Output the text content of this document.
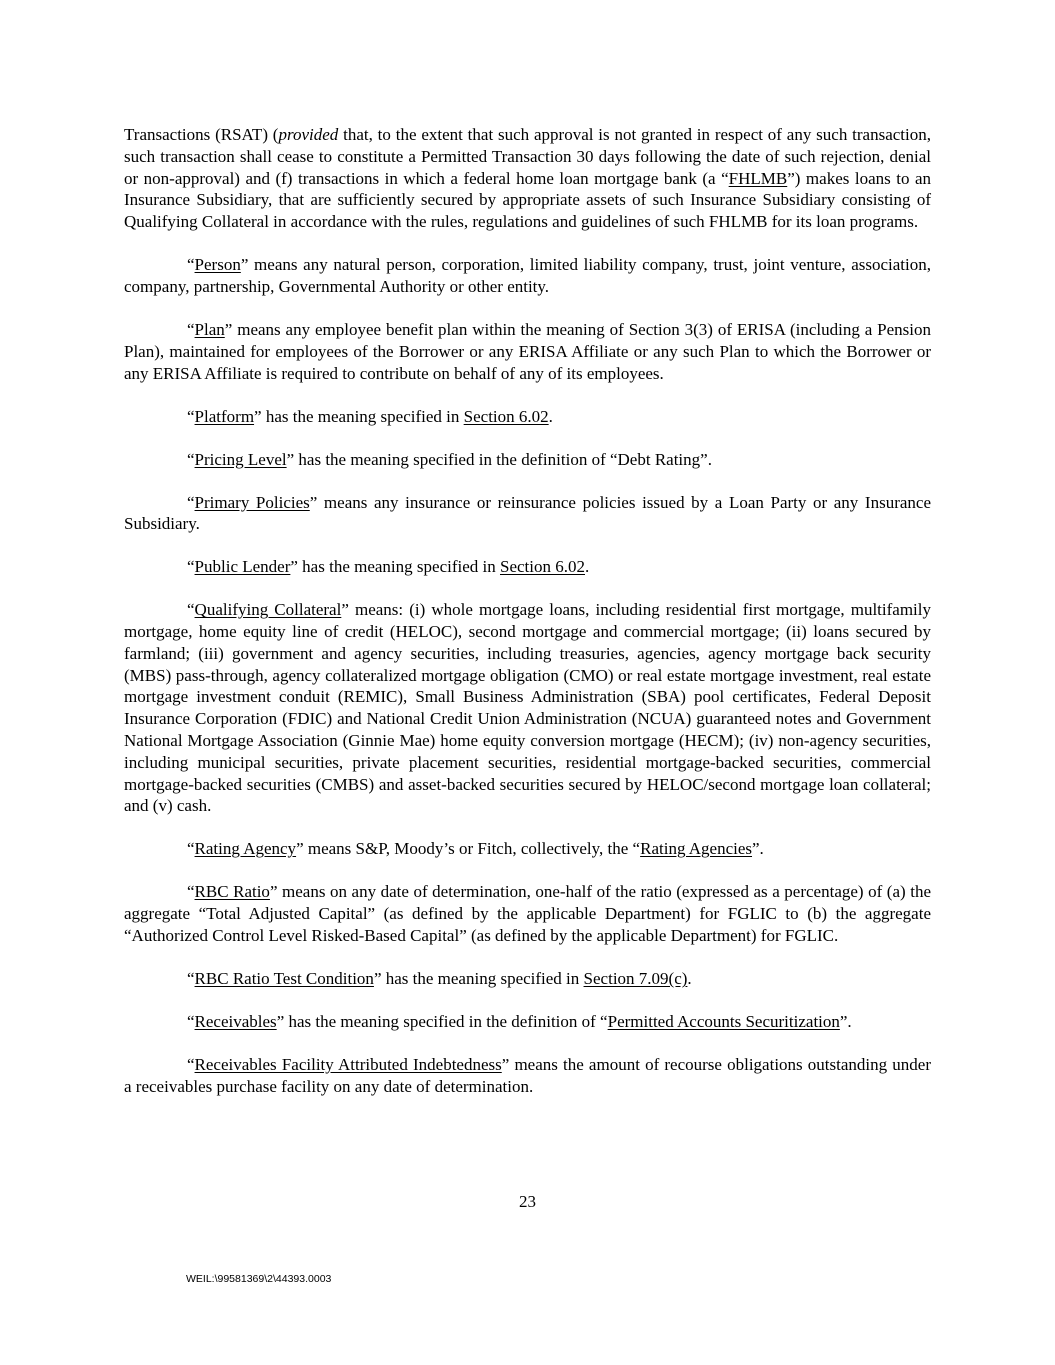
Transactions (RSAT) (provided that, to the extent that such approval is not granted in respect of any such transaction, such transaction shall cease to constitute a Permitted Transaction 30 days following the date of such rejection, denial or non-approval) and (f) transactions in which a federal home loan mortgage bank (a “FHLMB”) makes loans to an Insurance Subsidiary, that are sufficiently secured by appropriate assets of such Insurance Subsidiary consisting of Qualifying Collateral in accordance with the rules, regulations and guidelines of such FHLMB for its loan programs.

“Person” means any natural person, corporation, limited liability company, trust, joint venture, association, company, partnership, Governmental Authority or other entity.

“Plan” means any employee benefit plan within the meaning of Section 3(3) of ERISA (including a Pension Plan), maintained for employees of the Borrower or any ERISA Affiliate or any such Plan to which the Borrower or any ERISA Affiliate is required to contribute on behalf of any of its employees.

“Platform” has the meaning specified in Section 6.02.

“Pricing Level” has the meaning specified in the definition of “Debt Rating”.

“Primary Policies” means any insurance or reinsurance policies issued by a Loan Party or any Insurance Subsidiary.

“Public Lender” has the meaning specified in Section 6.02.

“Qualifying Collateral” means: (i) whole mortgage loans, including residential first mortgage, multifamily mortgage, home equity line of credit (HELOC), second mortgage and commercial mortgage; (ii) loans secured by farmland; (iii) government and agency securities, including treasuries, agencies, agency mortgage back security (MBS) pass-through, agency collateralized mortgage obligation (CMO) or real estate mortgage investment, real estate mortgage investment conduit (REMIC), Small Business Administration (SBA) pool certificates, Federal Deposit Insurance Corporation (FDIC) and National Credit Union Administration (NCUA) guaranteed notes and Government National Mortgage Association (Ginnie Mae) home equity conversion mortgage (HECM); (iv) non-agency securities, including municipal securities, private placement securities, residential mortgage-backed securities, commercial mortgage-backed securities (CMBS) and asset-backed securities secured by HELOC/second mortgage loan collateral; and (v) cash.

“Rating Agency” means S&P, Moody’s or Fitch, collectively, the “Rating Agencies”.

“RBC Ratio” means on any date of determination, one-half of the ratio (expressed as a percentage) of (a) the aggregate “Total Adjusted Capital” (as defined by the applicable Department) for FGLIC to (b) the aggregate “Authorized Control Level Risked-Based Capital” (as defined by the applicable Department) for FGLIC.

“RBC Ratio Test Condition” has the meaning specified in Section 7.09(c).

“Receivables” has the meaning specified in the definition of “Permitted Accounts Securitization”.

“Receivables Facility Attributed Indebtedness” means the amount of recourse obligations outstanding under a receivables purchase facility on any date of determination.

23
WEIL:\99581369\2\44393.0003
